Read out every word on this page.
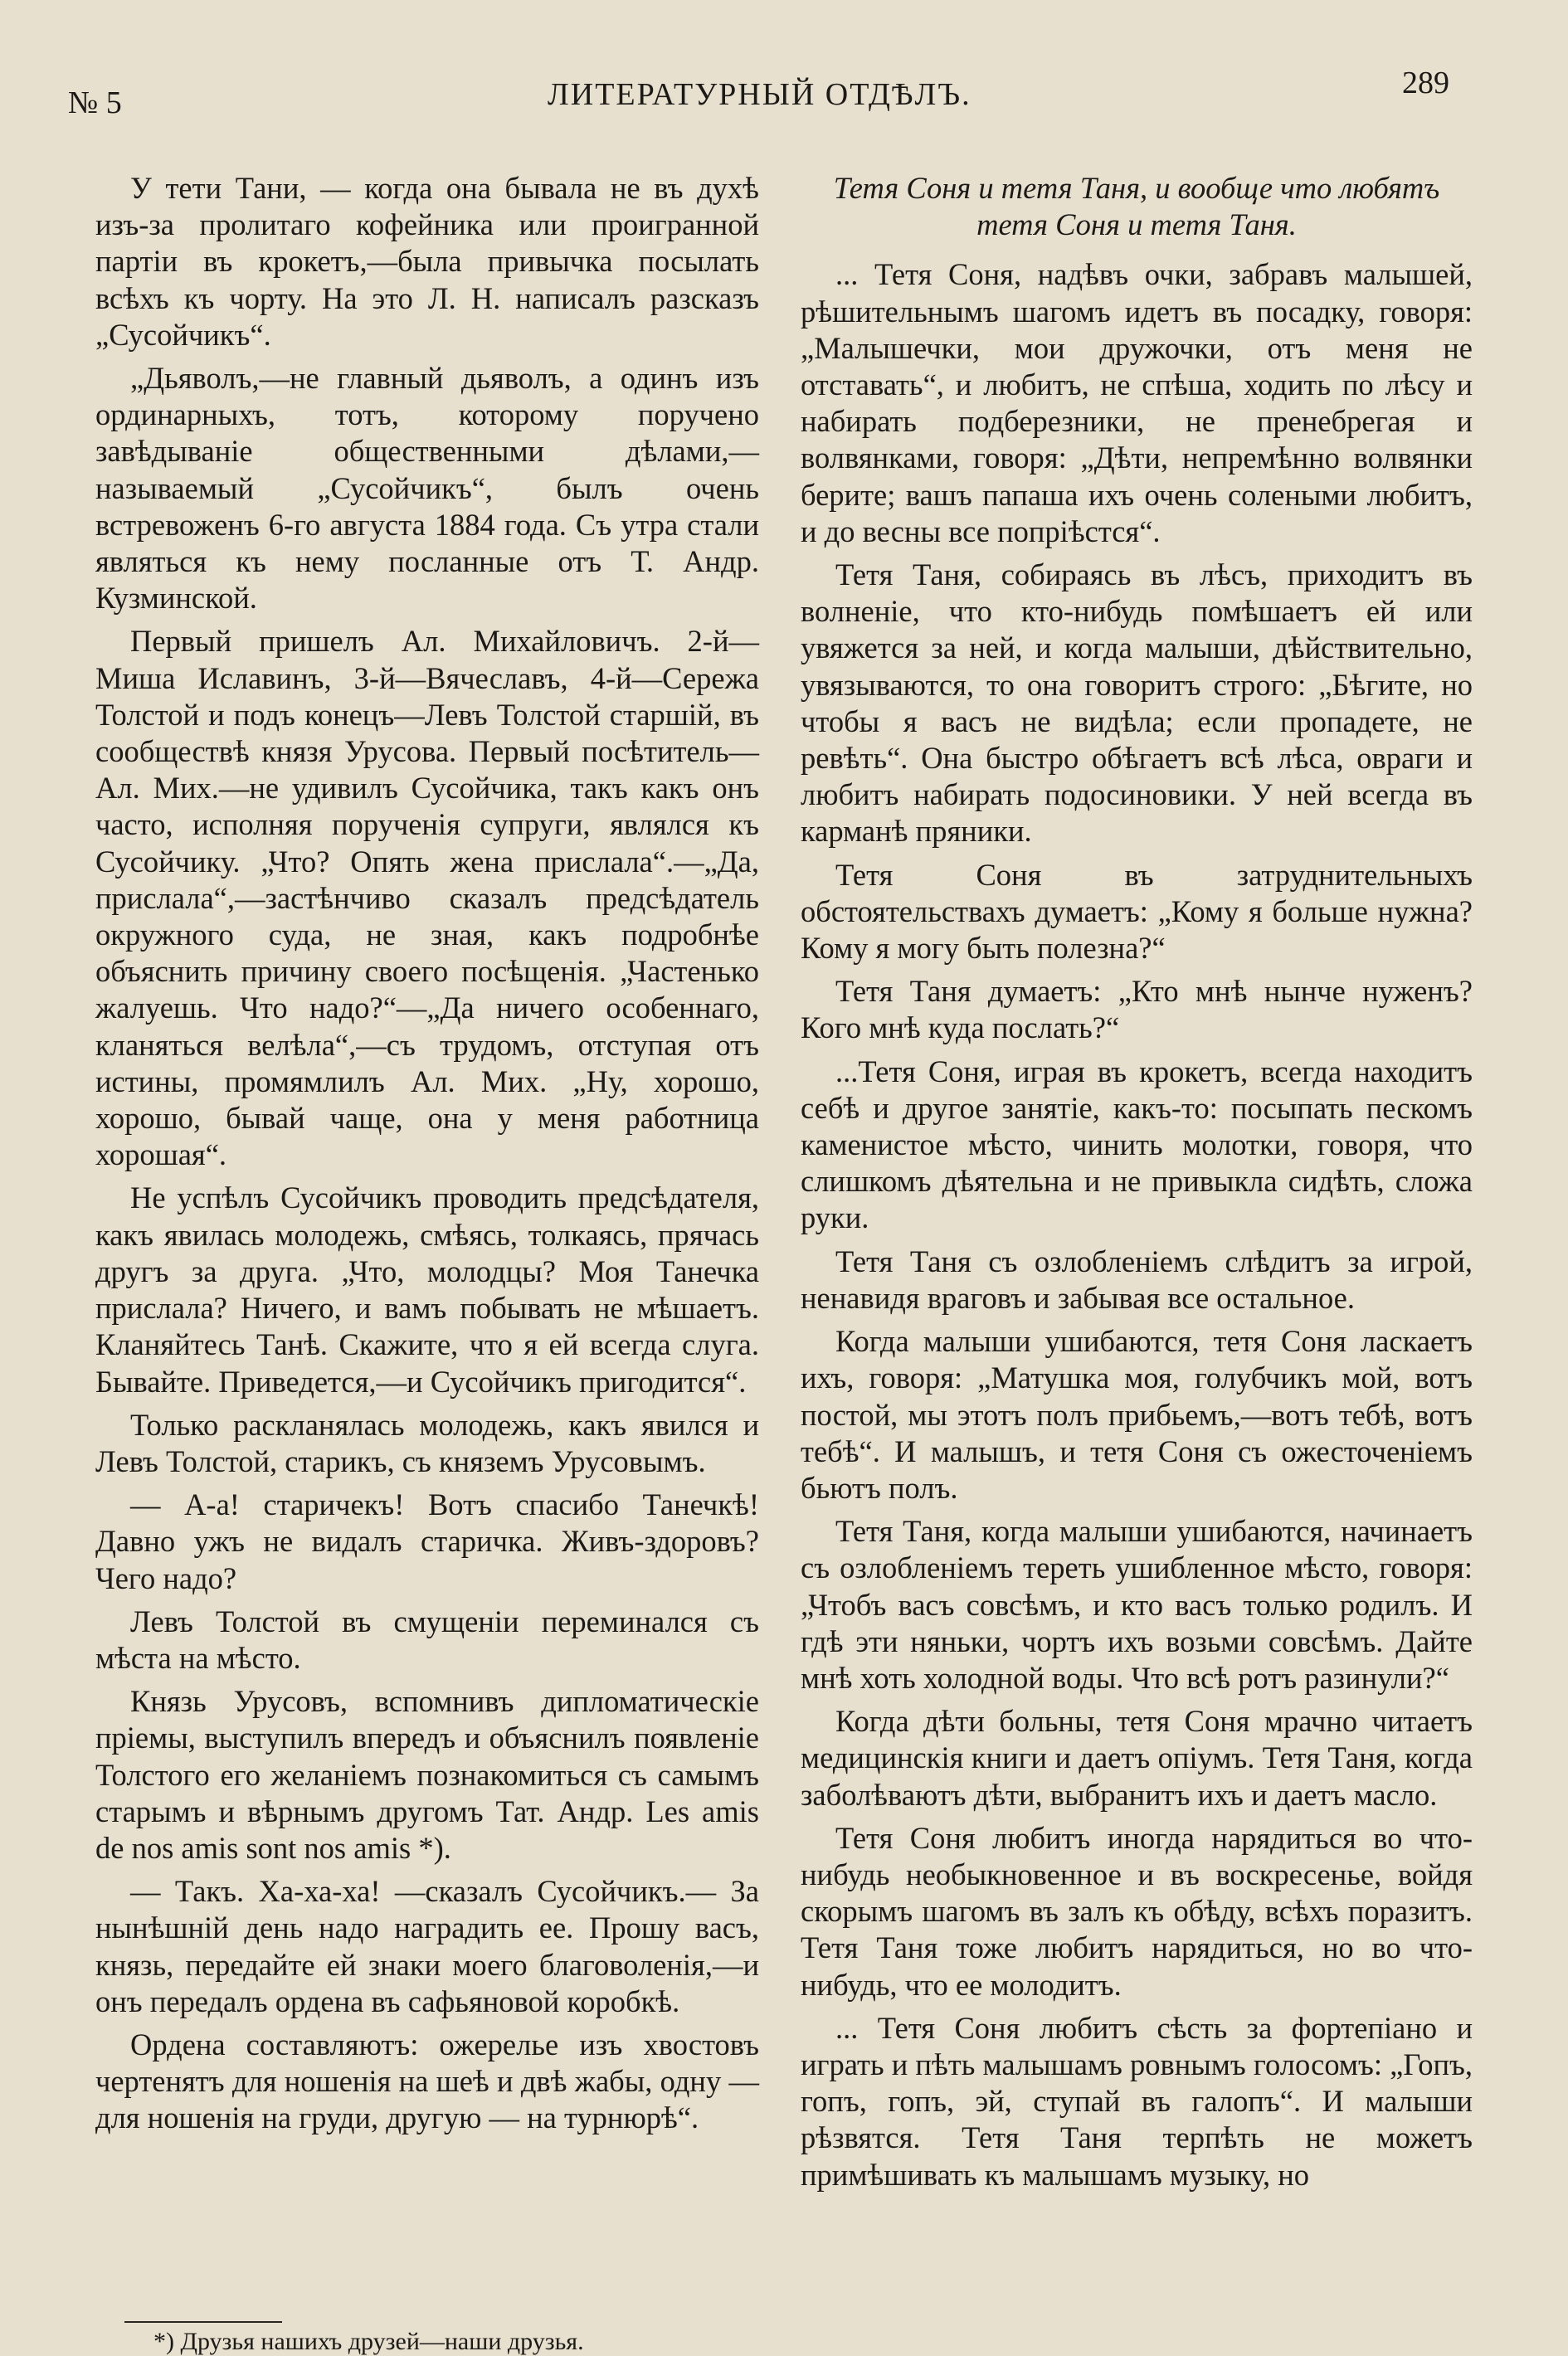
№ 5	ЛИТЕРАТУРНЫЙ ОТДѢЛЪ.	289

У тети Тани, — когда она бывала не въ духѣ изъ-за пролитаго кофейника или проигранной партіи въ крокетъ,—была привычка посылать всѣхъ къ чорту. На это Л. Н. написалъ разсказъ „Сусойчикъ“.

„Дьяволъ,—не главный дьяволъ, а одинъ изъ ординарныхъ, тотъ, которому поручено завѣдываніе общественными дѣлами,—называемый „Сусойчикъ“, былъ очень встревоженъ 6-го августа 1884 года. Съ утра стали являться къ нему посланные отъ Т. Андр. Кузминской.

Первый пришелъ Ал. Михайловичъ. 2-й—Миша Иславинъ, 3-й—Вячеславъ, 4-й—Сережа Толстой и подъ конецъ—Левъ Толстой старшій, въ сообществѣ князя Урусова. Первый посѣтитель—Ал. Мих.—не удивилъ Сусойчика, такъ какъ онъ часто, исполняя порученія супруги, являлся къ Сусойчику. „Что? Опять жена прислала“.—„Да, прислала“,—застѣнчиво сказалъ предсѣдатель окружного суда, не зная, какъ подробнѣе объяснить причину своего посѣщенія. „Частенько жалуешь. Что надо?“—„Да ничего особеннаго, кланяться велѣла“,—съ трудомъ, отступая отъ истины, промямлилъ Ал. Мих. „Ну, хорошо, хорошо, бывай чаще, она у меня работница хорошая“.

Не успѣлъ Сусойчикъ проводить предсѣдателя, какъ явилась молодежь, смѣясь, толкаясь, прячась другъ за друга. „Что, молодцы? Моя Танечка прислала? Ничего, и вамъ побывать не мѣшаетъ. Кланяйтесь Танѣ. Скажите, что я ей всегда слуга. Бывайте. Приведется,—и Сусойчикъ пригодится“.

Только раскланялась молодежь, какъ явился и Левъ Толстой, старикъ, съ княземъ Урусовымъ.

— А-а! старичекъ! Вотъ спасибо Танечкѣ! Давно ужъ не видалъ старичка. Живъ-здоровъ? Чего надо?

Левъ Толстой въ смущеніи переминался съ мѣста на мѣсто.

Князь Урусовъ, вспомнивъ дипломатическіе пріемы, выступилъ впередъ и объяснилъ появленіе Толстого его желаніемъ познакомиться съ самымъ старымъ и вѣрнымъ другомъ Тат. Андр. Les amis de nos amis sont nos amis *).

— Такъ. Ха-ха-ха! —сказалъ Сусойчикъ.— За нынѣшній день надо наградить ее. Прошу васъ, князь, передайте ей знаки моего благоволенія,—и онъ передалъ ордена въ сафьяновой коробкѣ.

Ордена составляютъ: ожерелье изъ хвостовъ чертенятъ для ношенія на шеѣ и двѣ жабы, одну — для ношенія на груди, другую — на турнюрѣ“.

Тетя Соня и тетя Таня, и вообще что любятъ тетя Соня и тетя Таня.

... Тетя Соня, надѣвъ очки, забравъ малышей, рѣшительнымъ шагомъ идетъ въ посадку, говоря: „Малышечки, мои дружочки, отъ меня не отставать“, и любитъ, не спѣша, ходить по лѣсу и набирать подберезники, не пренебрегая и волвянками, говоря: „Дѣти, непремѣнно волвянки берите; вашъ папаша ихъ очень солеными любитъ, и до весны все попріѣстся“.

Тетя Таня, собираясь въ лѣсъ, приходитъ въ волненіе, что кто-нибудь помѣшаетъ ей или увяжется за ней, и когда малыши, дѣйствительно, увязываются, то она говоритъ строго: „Бѣгите, но чтобы я васъ не видѣла; если пропадете, не ревѣть“. Она быстро обѣгаетъ всѣ лѣса, овраги и любитъ набирать подосиновики. У ней всегда въ карманѣ пряники.

Тетя Соня въ затруднительныхъ обстоятельствахъ думаетъ: „Кому я больше нужна? Кому я могу быть полезна?“

Тетя Таня думаетъ: „Кто мнѣ нынче нуженъ? Кого мнѣ куда послать?“

...Тетя Соня, играя въ крокетъ, всегда находитъ себѣ и другое занятіе, какъ-то: посыпать пескомъ каменистое мѣсто, чинить молотки, говоря, что слишкомъ дѣятельна и не привыкла сидѣть, сложа руки.

Тетя Таня съ озлобленіемъ слѣдитъ за игрой, ненавидя враговъ и забывая все остальное.

Когда малыши ушибаются, тетя Соня ласкаетъ ихъ, говоря: „Матушка моя, голубчикъ мой, вотъ постой, мы этотъ полъ прибьемъ,—вотъ тебѣ, вотъ тебѣ“. И малышъ, и тетя Соня съ ожесточеніемъ бьютъ полъ.

Тетя Таня, когда малыши ушибаются, начинаетъ съ озлобленіемъ тереть ушибленное мѣсто, говоря: „Чтобъ васъ совсѣмъ, и кто васъ только родилъ. И гдѣ эти няньки, чортъ ихъ возьми совсѣмъ. Дайте мнѣ хоть холодной воды. Что всѣ ротъ разинули?“

Когда дѣти больны, тетя Соня мрачно читаетъ медицинскія книги и даетъ опіумъ. Тетя Таня, когда заболѣваютъ дѣти, выбранитъ ихъ и даетъ масло.

Тетя Соня любитъ иногда нарядиться во что-нибудь необыкновенное и въ воскресенье, войдя скорымъ шагомъ въ залъ къ обѣду, всѣхъ поразитъ. Тетя Таня тоже любитъ нарядиться, но во что-нибудь, что ее молодитъ.

... Тетя Соня любитъ сѣсть за фортепіано и играть и пѣть малышамъ ровнымъ голосомъ: „Гопъ, гопъ, гопъ, эй, ступай въ галопъ“. И малыши рѣзвятся. Тетя Таня терпѣть не можетъ примѣшивать къ малышамъ музыку, но

*) Друзья нашихъ друзей—наши друзья.
